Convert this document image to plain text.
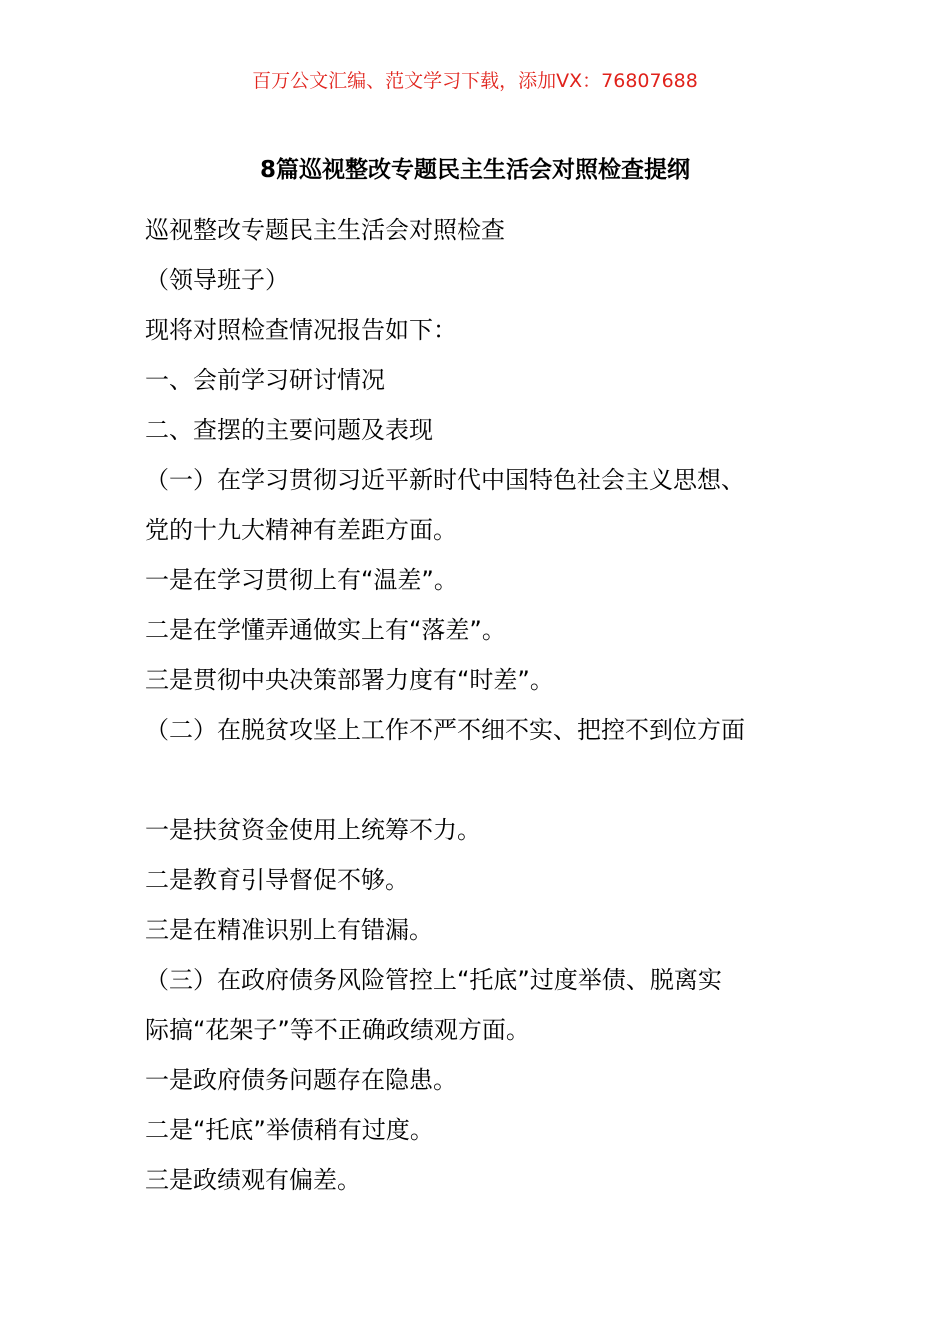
百万公文汇编、范文学习下载，添加VX：76807688
8篇巡视整改专题民主生活会对照检查提纲
巡视整改专题民主生活会对照检查
（领导班子）
现将对照检查情况报告如下：
一、会前学习研讨情况
二、查摆的主要问题及表现
（一）在学习贯彻习近平新时代中国特色社会主义思想、
党的十九大精神有差距方面。
一是在学习贯彻上有“温差”。
二是在学懂弄通做实上有“落差”。
三是贯彻中央决策部署力度有“时差”。
（二）在脱贫攻坚上工作不严不细不实、把控不到位方面
一是扶贫资金使用上统筹不力。
二是教育引导督促不够。
三是在精准识别上有错漏。
（三）在政府债务风险管控上“托底”过度举债、脱离实
际搞“花架子”等不正确政绩观方面。
一是政府债务问题存在隐患。
二是“托底”举债稍有过度。
三是政绩观有偏差。
